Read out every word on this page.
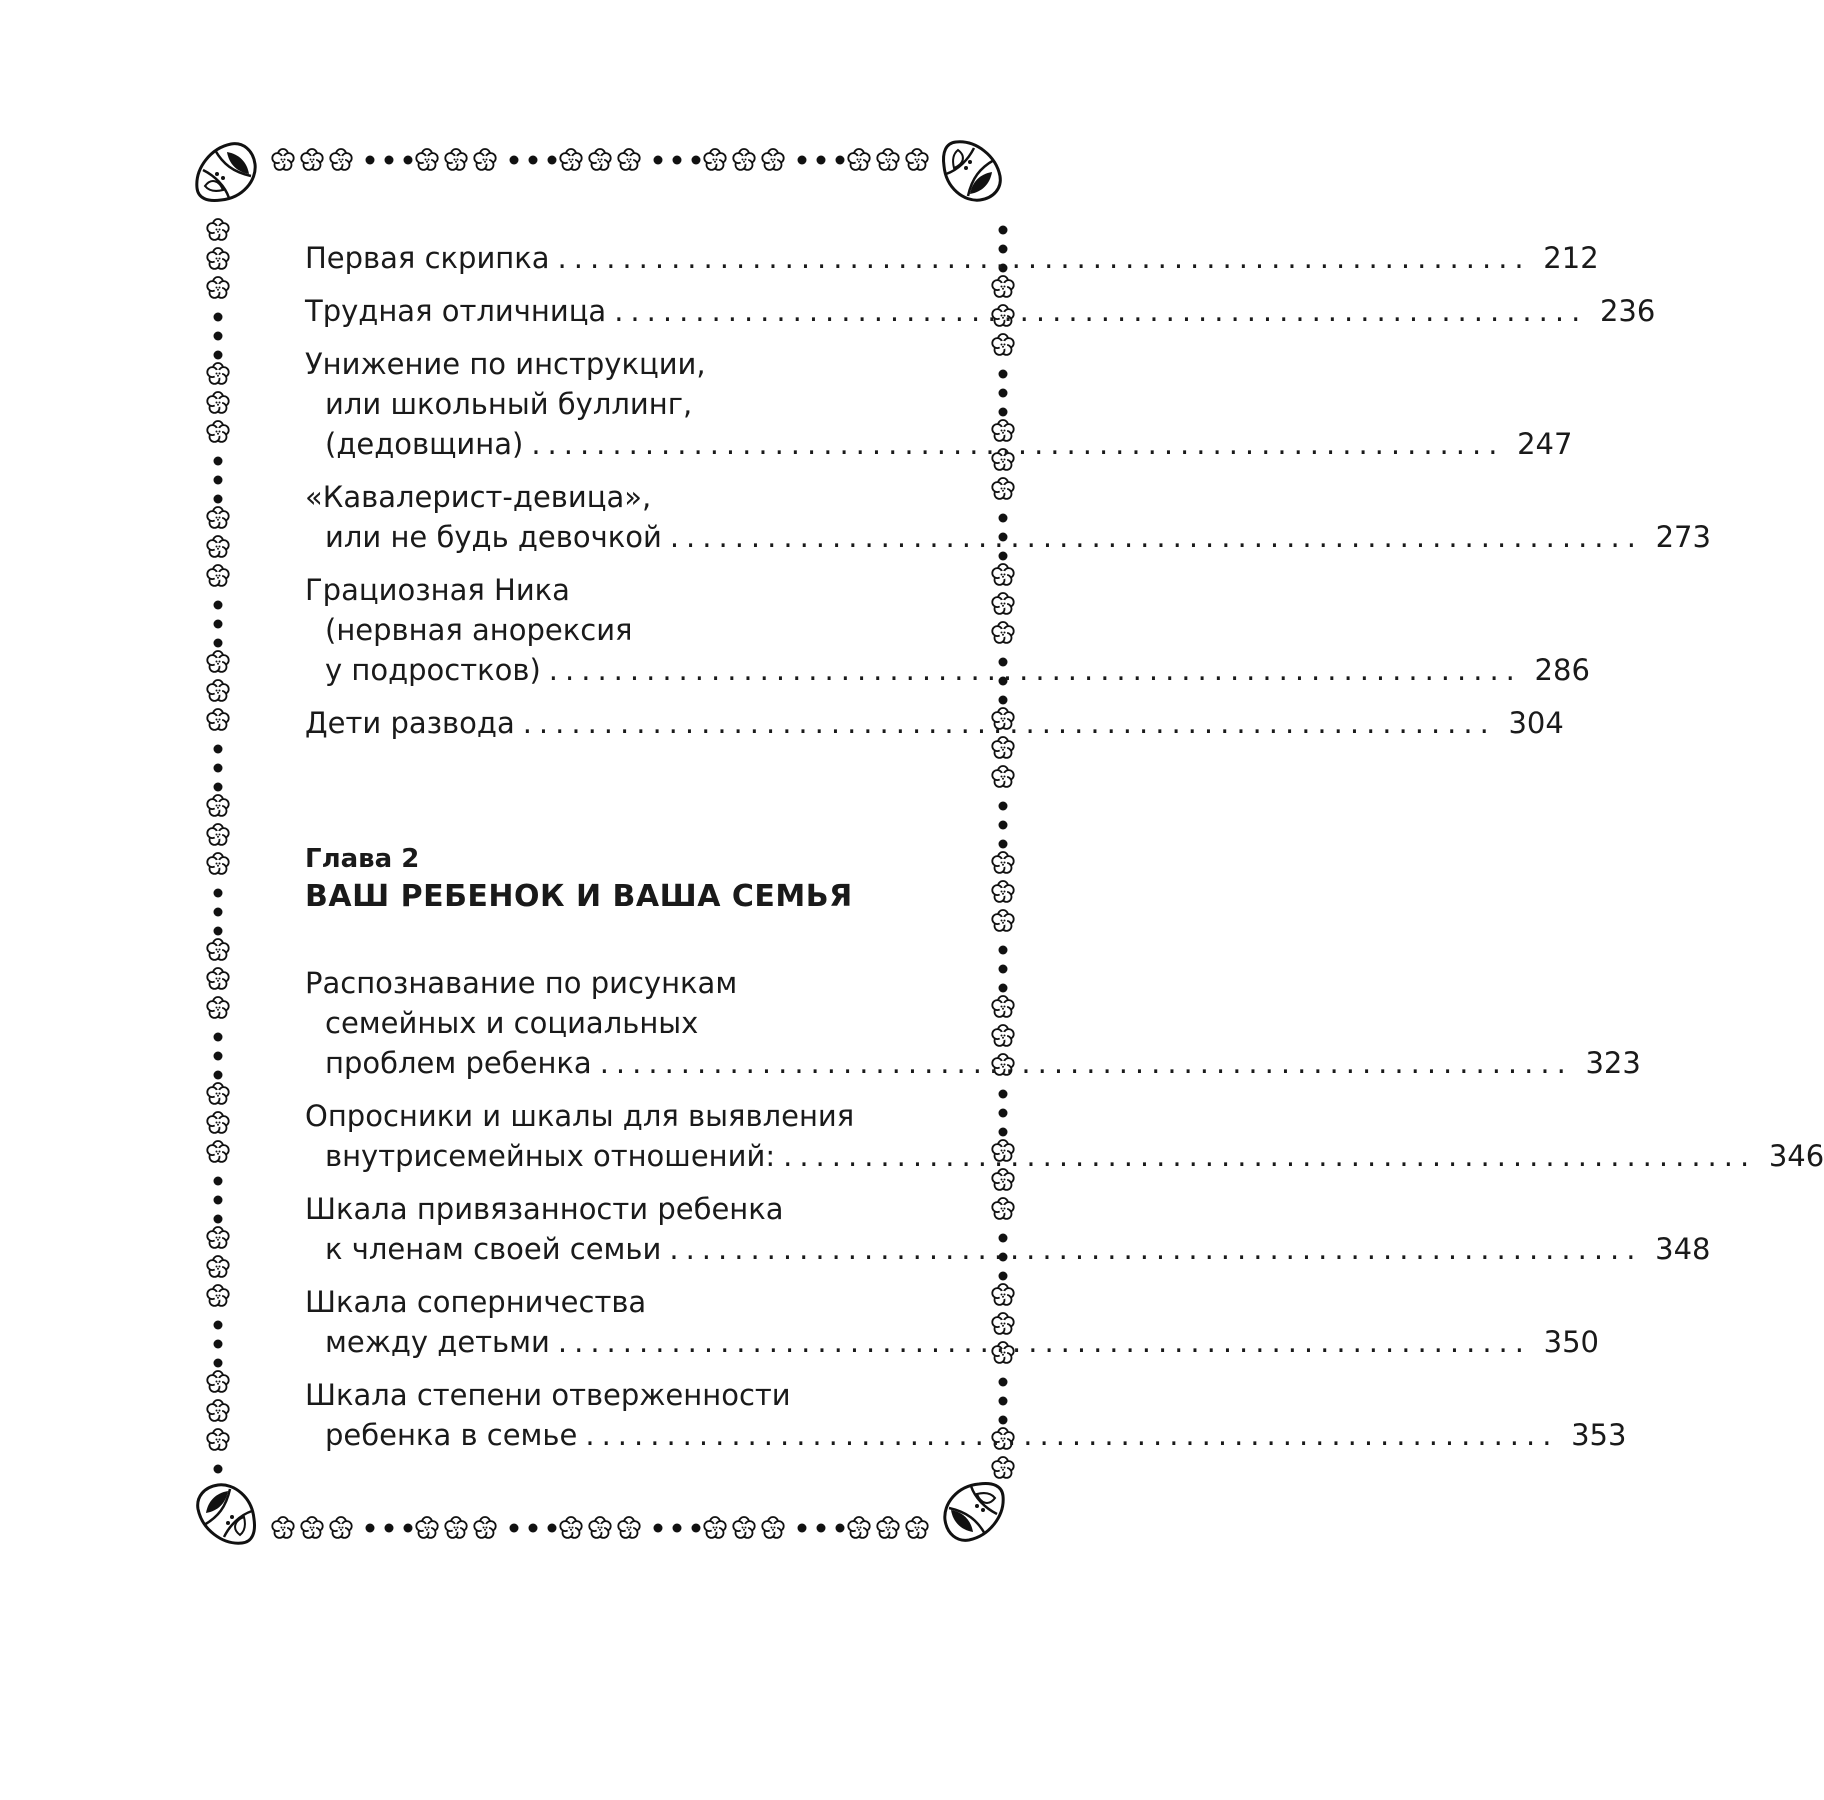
Первая скрипка ............................................................ 212
Трудная отличница ............................................................ 236
Унижение по инструкции,
или школьный буллинг,
(дедовщина) ............................................................ 247
«Кавалерист-девица»,
или не будь девочкой ............................................................ 273
Грациозная Ника
(нервная анорексия
у подростков) ............................................................ 286
Дети развода ............................................................ 304
Глава 2
ВАШ РЕБЕНОК И ВАША СЕМЬЯ
Распознавание по рисункам
семейных и социальных
проблем ребенка ............................................................ 323
Опросники и шкалы для выявления
внутрисемейных отношений: ............................................................ 346
Шкала привязанности ребенка
к членам своей семьи ............................................................ 348
Шкала соперничества
между детьми ............................................................ 350
Шкала степени отверженности
ребенка в семье ............................................................ 353
